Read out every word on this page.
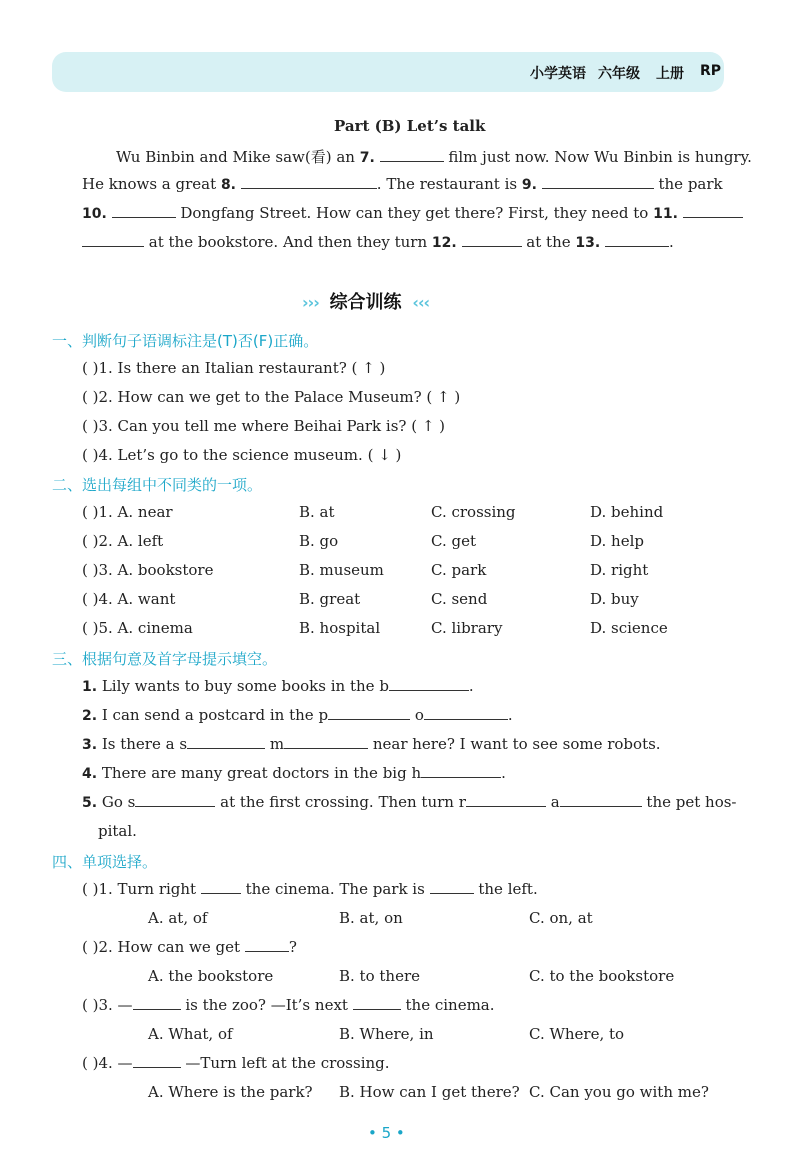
小学英语 六年级 上册 RP
Part (B) Let’s talk
Wu Binbin and Mike saw(看) an 7.	film just now. Now Wu Binbin is hungry.
He knows a great 8.	. The restaurant is 9.	the park
10.	Dongfang Street. How can they get there? First, they need to 11.
at the bookstore. And then they turn 12.	at the 13.	.
››› 综合训练 ‹‹‹
一、判断句子语调标注是(T)否(F)正确。
( )1. Is there an Italian restaurant? ( ↑ )
( )2. How can we get to the Palace Museum? ( ↑ )
( )3. Can you tell me where Beihai Park is? ( ↑ )
( )4. Let’s go to the science museum. ( ↓ )
二、选出每组中不同类的一项。
( )1. A. near	B. at	C. crossing	D. behind
( )2. A. left	B. go	C. get	D. help
( )3. A. bookstore	B. museum	C. park	D. right
( )4. A. want	B. great	C. send	D. buy
( )5. A. cinema	B. hospital	C. library	D. science
三、根据句意及首字母提示填空。
1. Lily wants to buy some books in the b	.
2. I can send a postcard in the p	o	.
3. Is there a s	m	near here? I want to see some robots.
4. There are many great doctors in the big h	.
5. Go s	at the first crossing. Then turn r	a	the pet hos-
pital.
四、单项选择。
( )1. Turn right	the cinema. The park is	the left.
A. at, of	B. at, on	C. on, at
( )2. How can we get	?
A. the bookstore	B. to there	C. to the bookstore
( )3. —	is the zoo? —It’s next	the cinema.
A. What, of	B. Where, in	C. Where, to
( )4. —	—Turn left at the crossing.
A. Where is the park? B. How can I get there? C. Can you go with me?
• 5 •
